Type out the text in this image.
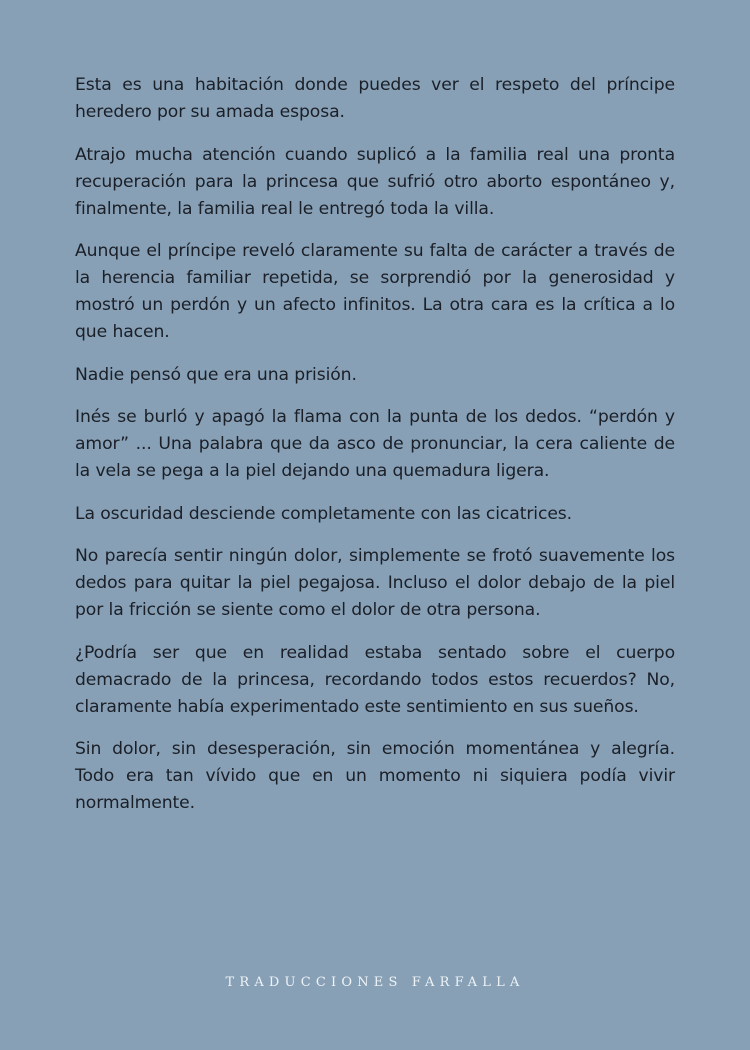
Esta es una habitación donde puedes ver el respeto del príncipe heredero por su amada esposa.

Atrajo mucha atención cuando suplicó a la familia real una pronta recuperación para la princesa que sufrió otro aborto espontáneo y, finalmente, la familia real le entregó toda la villa.

Aunque el príncipe reveló claramente su falta de carácter a través de la herencia familiar repetida, se sorprendió por la generosidad y mostró un perdón y un afecto infinitos. La otra cara es la crítica a lo que hacen.

Nadie pensó que era una prisión.

Inés se burló y apagó la flama con la punta de los dedos. “perdón y amor” ... Una palabra que da asco de pronunciar, la cera caliente de la vela se pega a la piel dejando una quemadura ligera.

La oscuridad desciende completamente con las cicatrices.

No parecía sentir ningún dolor, simplemente se frotó suavemente los dedos para quitar la piel pegajosa. Incluso el dolor debajo de la piel por la fricción se siente como el dolor de otra persona.

¿Podría ser que en realidad estaba sentado sobre el cuerpo demacrado de la princesa, recordando todos estos recuerdos? No, claramente había experimentado este sentimiento en sus sueños.

Sin dolor, sin desesperación, sin emoción momentánea y alegría. Todo era tan vívido que en un momento ni siquiera podía vivir normalmente.

TRADUCCIONES FARFALLA
